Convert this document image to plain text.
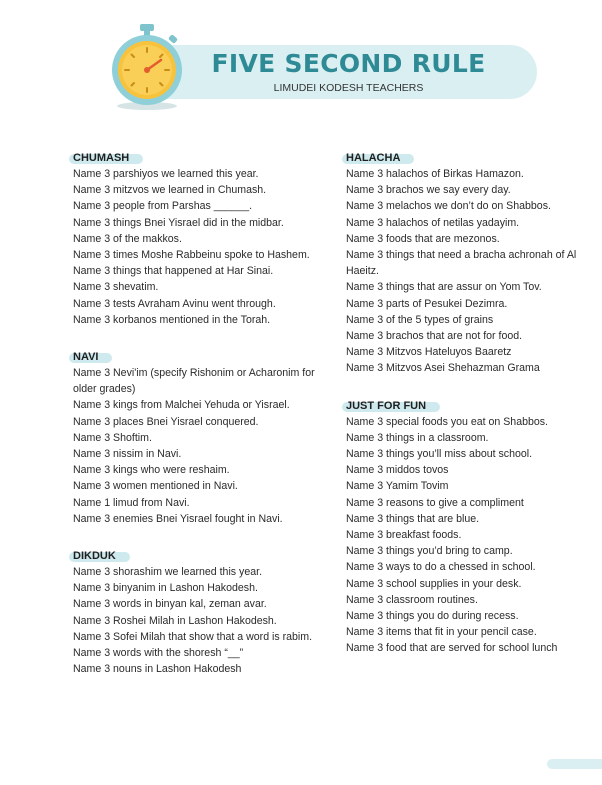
FIVE SECOND RULE
LIMUDEI KODESH TEACHERS
CHUMASH
Name 3 parshiyos we learned this year.
Name 3 mitzvos we learned in Chumash.
Name 3 people from Parshas ______.
Name 3 things Bnei Yisrael did in the midbar.
Name 3 of the makkos.
Name 3 times Moshe Rabbeinu spoke to Hashem.
Name 3 things that happened at Har Sinai.
Name 3 shevatim.
Name 3 tests Avraham Avinu went through.
Name 3 korbanos mentioned in the Torah.
NAVI
Name 3 Nevi'im (specify Rishonim or Acharonim for older grades)
Name 3 kings from Malchei Yehuda or Yisrael.
Name 3 places Bnei Yisrael conquered.
Name 3 Shoftim.
Name 3 nissim in Navi.
Name 3 kings who were reshaim.
Name 3 women mentioned in Navi.
Name 1 limud from Navi.
Name 3 enemies Bnei Yisrael fought in Navi.
DIKDUK
Name 3 shorashim we learned this year.
Name 3 binyanim in Lashon Hakodesh.
Name 3 words in binyan kal, zeman avar.
Name 3 Roshei Milah in Lashon Hakodesh.
Name 3 Sofei Milah that show that a word is rabim.
Name 3 words with the shoresh “__”
Name 3 nouns in Lashon Hakodesh
HALACHA
Name 3 halachos of Birkas Hamazon.
Name 3 brachos we say every day.
Name 3 melachos we don’t do on Shabbos.
Name 3 halachos of netilas yadayim.
Name 3 foods that are mezonos.
Name 3 things that need a bracha achronah of Al Haeitz.
Name 3 things that are assur on Yom Tov.
Name 3 parts of Pesukei Dezimra.
Name 3 of the 5 types of grains
Name 3 brachos that are not for food.
Name 3 Mitzvos Hateluyos Baaretz
Name 3 Mitzvos Asei Shehazman Grama
JUST FOR FUN
Name 3 special foods you eat on Shabbos.
Name 3 things in a classroom.
Name 3 things you’ll miss about school.
Name 3 middos tovos
Name 3 Yamim Tovim
Name 3 reasons to give a compliment
Name 3 things that are blue.
Name 3 breakfast foods.
Name 3 things you’d bring to camp.
Name 3 ways to do a chessed in school.
Name 3 school supplies in your desk.
Name 3 classroom routines.
Name 3 things you do during recess.
Name 3 items that fit in your pencil case.
Name 3 food that are served for school lunch
